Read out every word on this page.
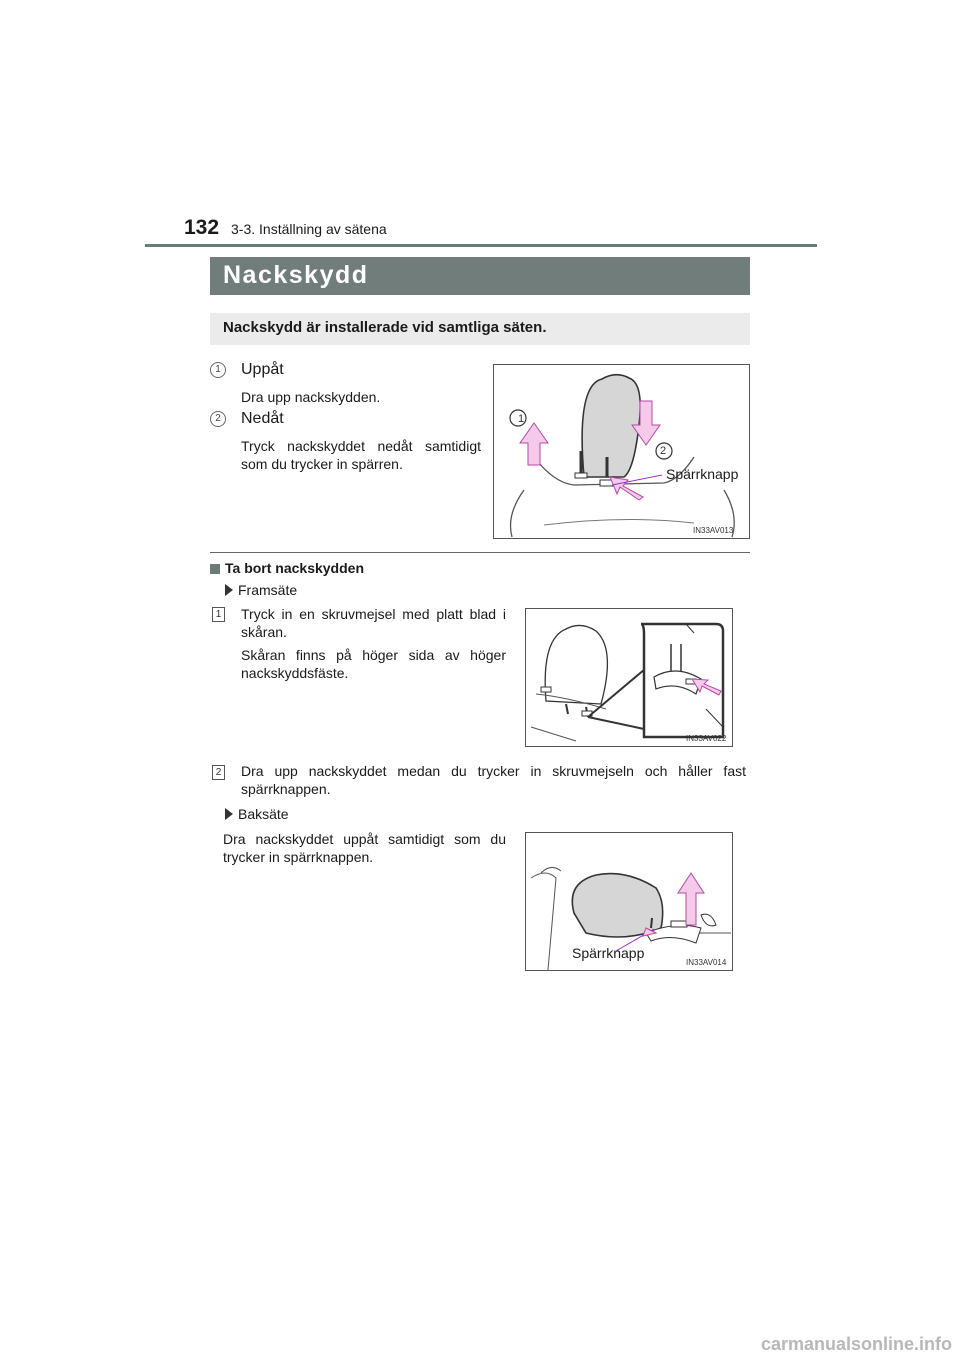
132 3-3. Inställning av sätena
Nackskydd
Nackskydd är installerade vid samtliga säten.
1	Uppåt
Dra upp nackskydden.
2	Nedåt
Tryck nackskyddet nedåt samtidigt som du trycker in spärren.
1
2
Spärrknapp
IN33AV013
Ta bort nackskydden
Framsäte
1 Tryck in en skruvmejsel med platt blad i skåran.
Skåran finns på höger sida av höger nackskyddsfäste.
IN33AV022
2 Dra upp nackskyddet medan du trycker in skruvmejseln och håller fast spärrknappen.
Baksäte
Dra nackskyddet uppåt samtidigt som du trycker in spärrknappen.
Spärrknapp
IN33AV014
carmanualsonline.info
